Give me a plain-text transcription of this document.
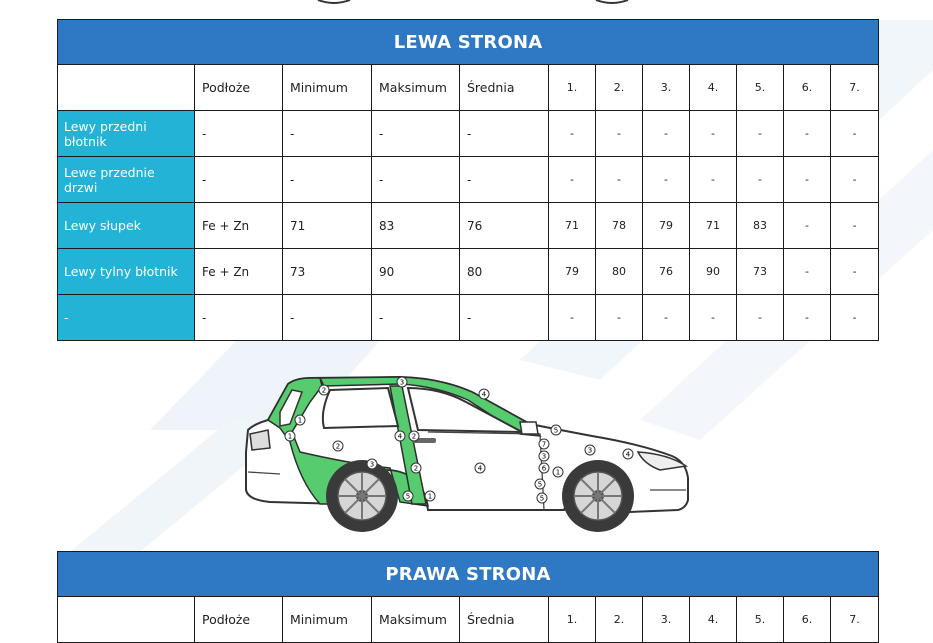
LEWA STRONA											
	Podłoże	Minimum	Maksimum	Średnia	1.	2.	3.	4.	5.	6.	7.
Lewy przedni błotnik	-	-	-	-	-	-	-	-	-	-	-
Lewe przednie drzwi	-	-	-	-	-	-	-	-	-	-	-
Lewy słupek	Fe + Zn	71	83	76	71	78	79	71	83	-	-
Lewy tylny błotnik	Fe + Zn	73	90	80	79	80	76	90	73	-	-
-	-	-	-	-	-	-	-	-	-	-	-
1
2
3
4
5
1
2
3
4
5
6
7
1
2
3
4
5
1
2
3	4
5
PRAWA STRONA
	Podłoże	Minimum	Maksimum	Średnia	1.	2.	3.	4.	5.	6.	7.
